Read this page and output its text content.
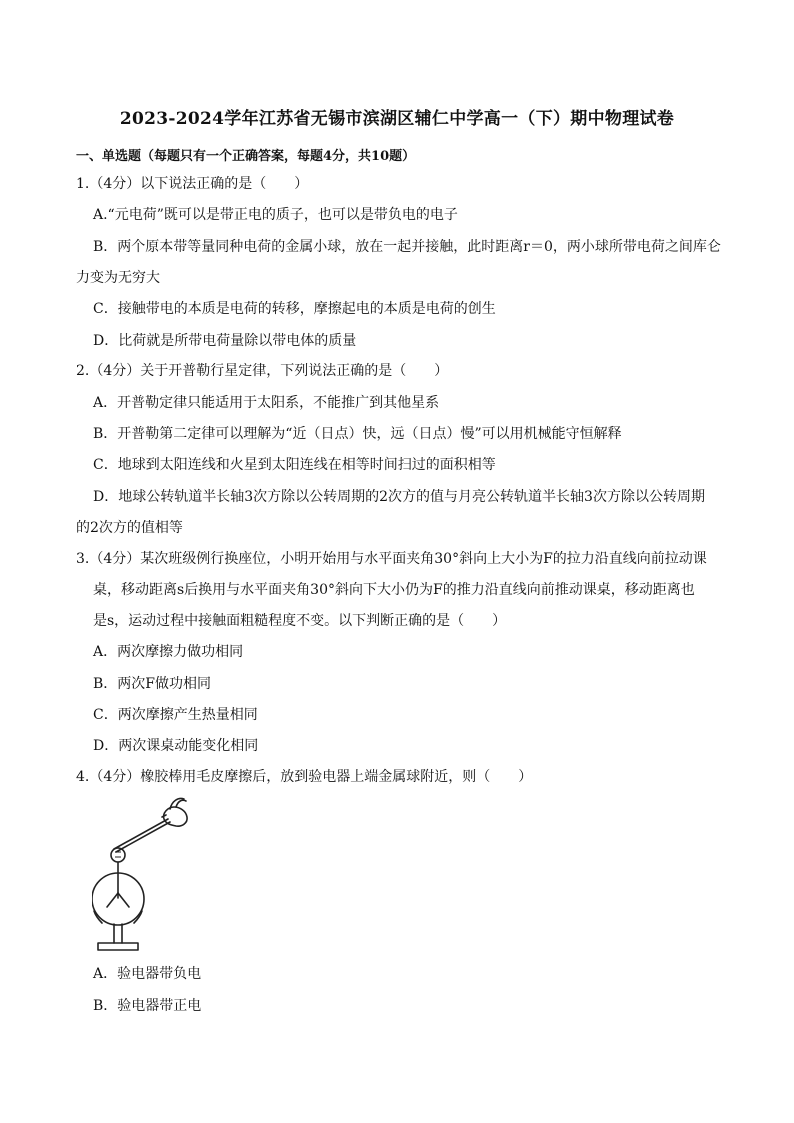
2023-2024学年江苏省无锡市滨湖区辅仁中学高一（下）期中物理试卷
一、单选题（每题只有一个正确答案，每题4分，共10题）
1.（4分）以下说法正确的是（　　）
A.“元电荷”既可以是带正电的质子，也可以是带负电的电子
B．两个原本带等量同种电荷的金属小球，放在一起并接触，此时距离r＝0，两小球所带电荷之间库仑
力变为无穷大
C．接触带电的本质是电荷的转移，摩擦起电的本质是电荷的创生
D．比荷就是所带电荷量除以带电体的质量
2.（4分）关于开普勒行星定律，下列说法正确的是（　　）
A．开普勒定律只能适用于太阳系，不能推广到其他星系
B．开普勒第二定律可以理解为“近（日点）快，远（日点）慢”可以用机械能守恒解释
C．地球到太阳连线和火星到太阳连线在相等时间扫过的面积相等
D．地球公转轨道半长轴3次方除以公转周期的2次方的值与月亮公转轨道半长轴3次方除以公转周期
的2次方的值相等
3.（4分）某次班级例行换座位，小明开始用与水平面夹角30°斜向上大小为F的拉力沿直线向前拉动课
桌，移动距离s后换用与水平面夹角30°斜向下大小仍为F的推力沿直线向前推动课桌，移动距离也
是s，运动过程中接触面粗糙程度不变。以下判断正确的是（　　）
A．两次摩擦力做功相同
B．两次F做功相同
C．两次摩擦产生热量相同
D．两次课桌动能变化相同
4.（4分）橡胶棒用毛皮摩擦后，放到验电器上端金属球附近，则（　　）
A．验电器带负电
B．验电器带正电
